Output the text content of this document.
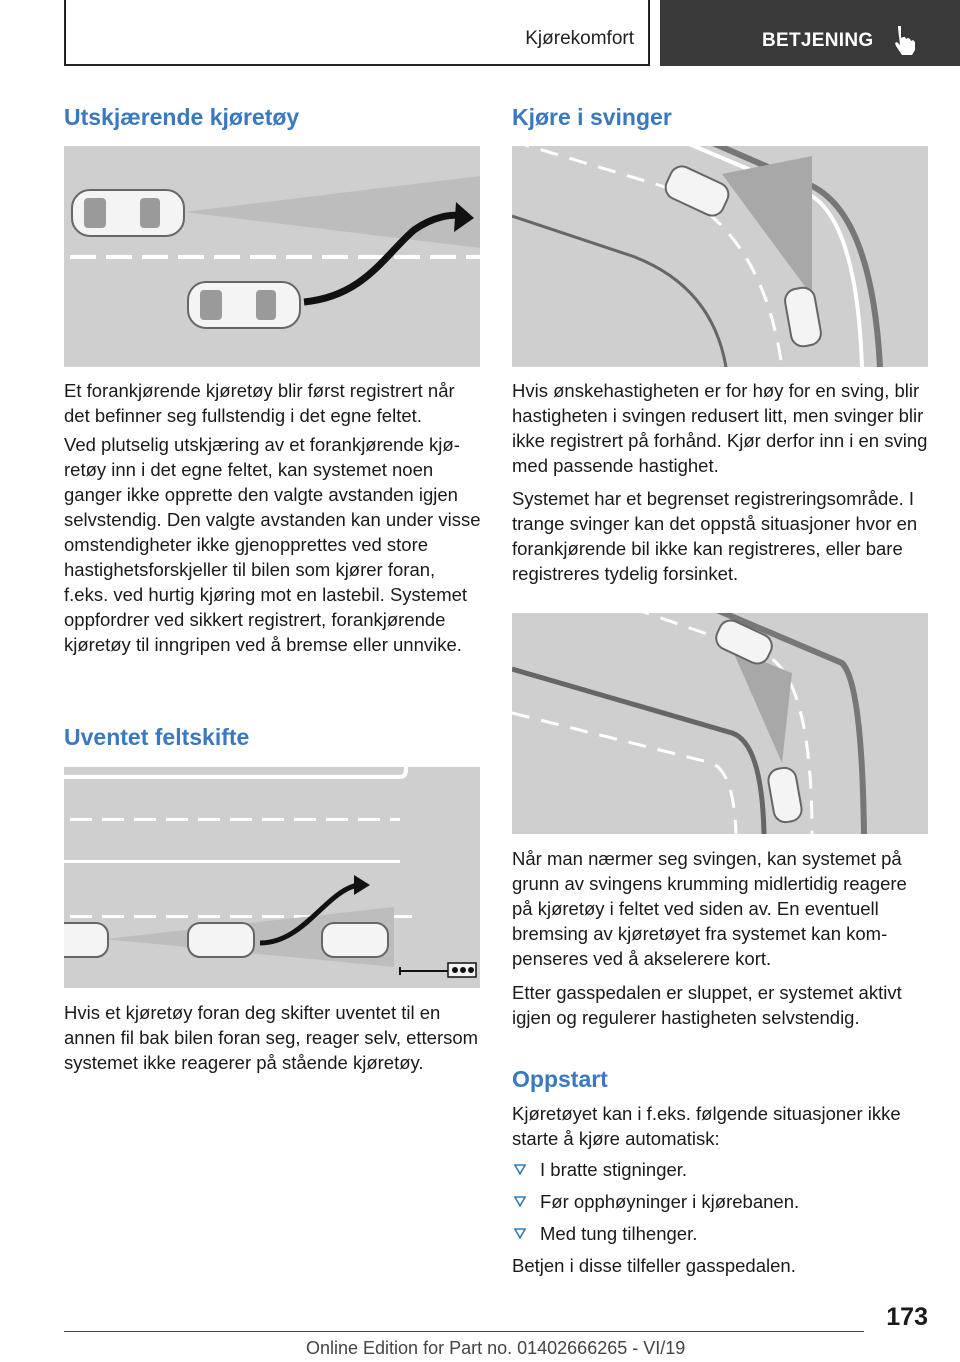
Kjørekomfort	BETJENING
Utskjærende kjøretøy

Et forankjørende kjøretøy blir først registrert når det befinner seg fullstendig i det egne feltet.

Ved plutselig utskjæring av et forankjørende kjøretøy inn i det egne feltet, kan systemet noen ganger ikke opprette den valgte avstanden igjen selvstendig. Den valgte avstanden kan under visse omstendigheter ikke gjenopprettes ved store hastighetsforskjeller til bilen som kjører foran, f.eks. ved hurtig kjøring mot en lastebil. Systemet oppfordrer ved sikkert registrert, forankjørende kjøretøy til inngripen ved å bremse eller unnvike.

Uventet feltskifte

Hvis et kjøretøy foran deg skifter uventet til en annen fil bak bilen foran seg, reager selv, ettersom systemet ikke reagerer på stående kjøretøy.

Kjøre i svinger

Hvis ønskehastigheten er for høy for en sving, blir hastigheten i svingen redusert litt, men svinger blir ikke registrert på forhånd. Kjør derfor inn i en sving med passende hastighet.

Systemet har et begrenset registreringsområde. I trange svinger kan det oppstå situasjoner hvor en forankjørende bil ikke kan registreres, eller bare registreres tydelig forsinket.

Når man nærmer seg svingen, kan systemet på grunn av svingens krumming midlertidig reagere på kjøretøy i feltet ved siden av. En eventuell bremsing av kjøretøyet fra systemet kan kompenseres ved å akselerere kort.

Etter gasspedalen er sluppet, er systemet aktivt igjen og regulerer hastigheten selvstendig.

Oppstart

Kjøretøyet kan i f.eks. følgende situasjoner ikke starte å kjøre automatisk:

I bratte stigninger.
Før opphøyninger i kjørebanen.
Med tung tilhenger.

Betjen i disse tilfeller gasspedalen.

173
Online Edition for Part no. 01402666265 - VI/19
